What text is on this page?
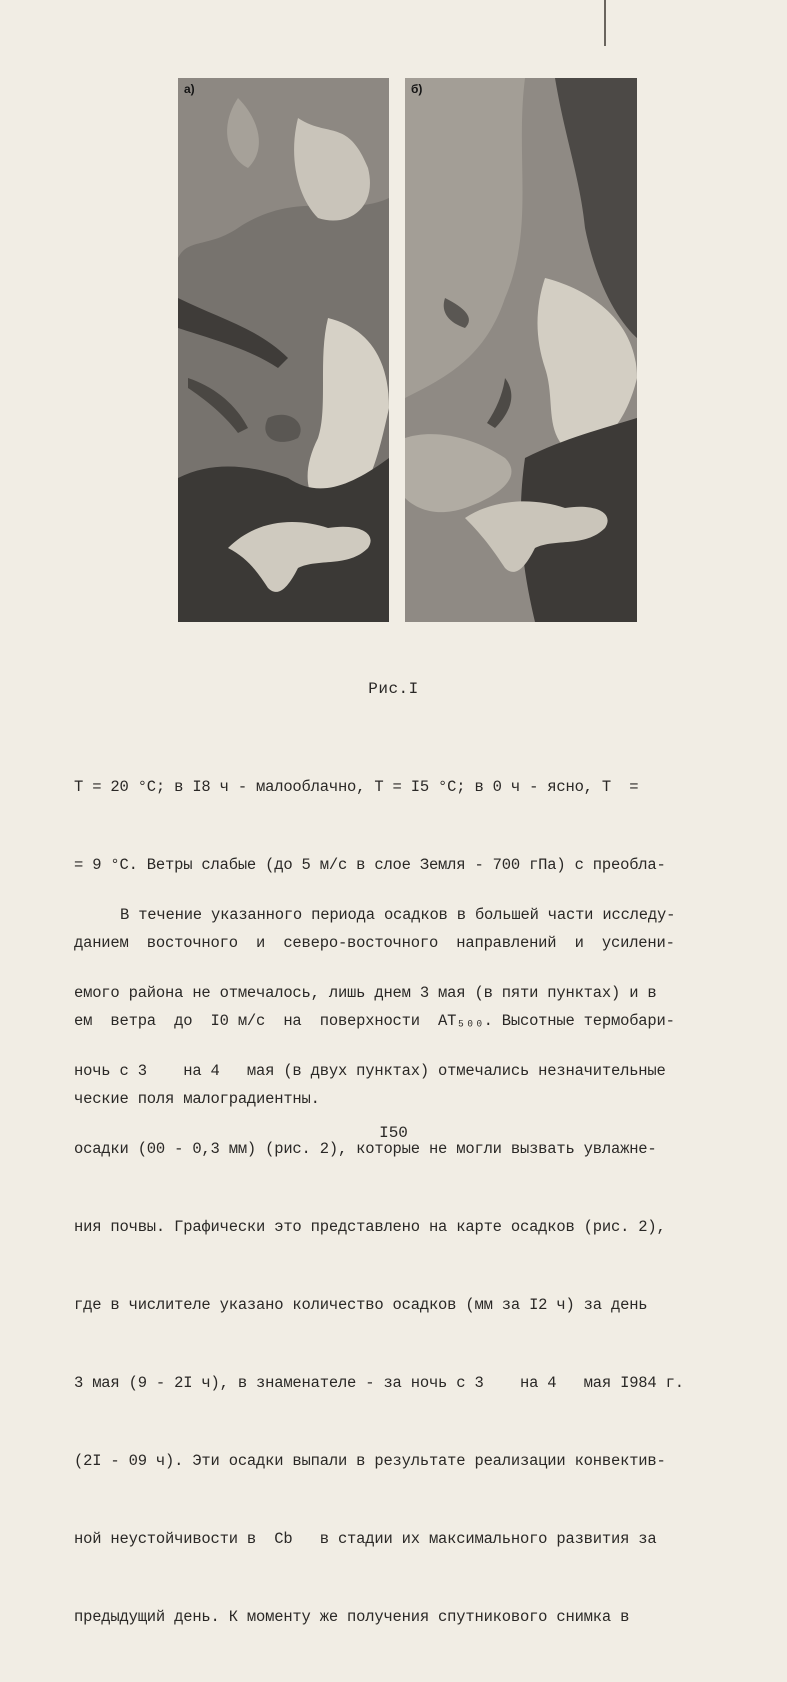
а)	б)
Рис.I

Т = 20 °С; в I8 ч - малооблачно, Т = I5 °С; в 0 ч - ясно, Т  =

= 9 °С. Ветры слабые (до 5 м/с в слое Земля - 700 гПа) с преобла-

данием  восточного  и  северо-восточного  направлений  и  усилени-

ем  ветра  до  I0 м/с  на  поверхности  AT₅₀₀. Высотные термобари-

ческие поля малоградиентны.

В течение указанного периода осадков в большей части исследу-

емого района не отмечалось, лишь днем 3 мая (в пяти пунктах) и в

ночь с 3    на 4   мая (в двух пунктах) отмечались незначительные

осадки (00 - 0,3 мм) (рис. 2), которые не могли вызвать увлажне-

ния почвы. Графически это представлено на карте осадков (рис. 2),

где в числителе указано количество осадков (мм за I2 ч) за день

3 мая (9 - 2I ч), в знаменателе - за ночь с 3    на 4   мая I984 г.

(2I - 09 ч). Эти осадки выпали в результате реализации конвектив-

ной неустойчивости в  Cb   в стадии их максимального развития за

предыдущий день. К моменту же получения спутникового снимка в

I50
